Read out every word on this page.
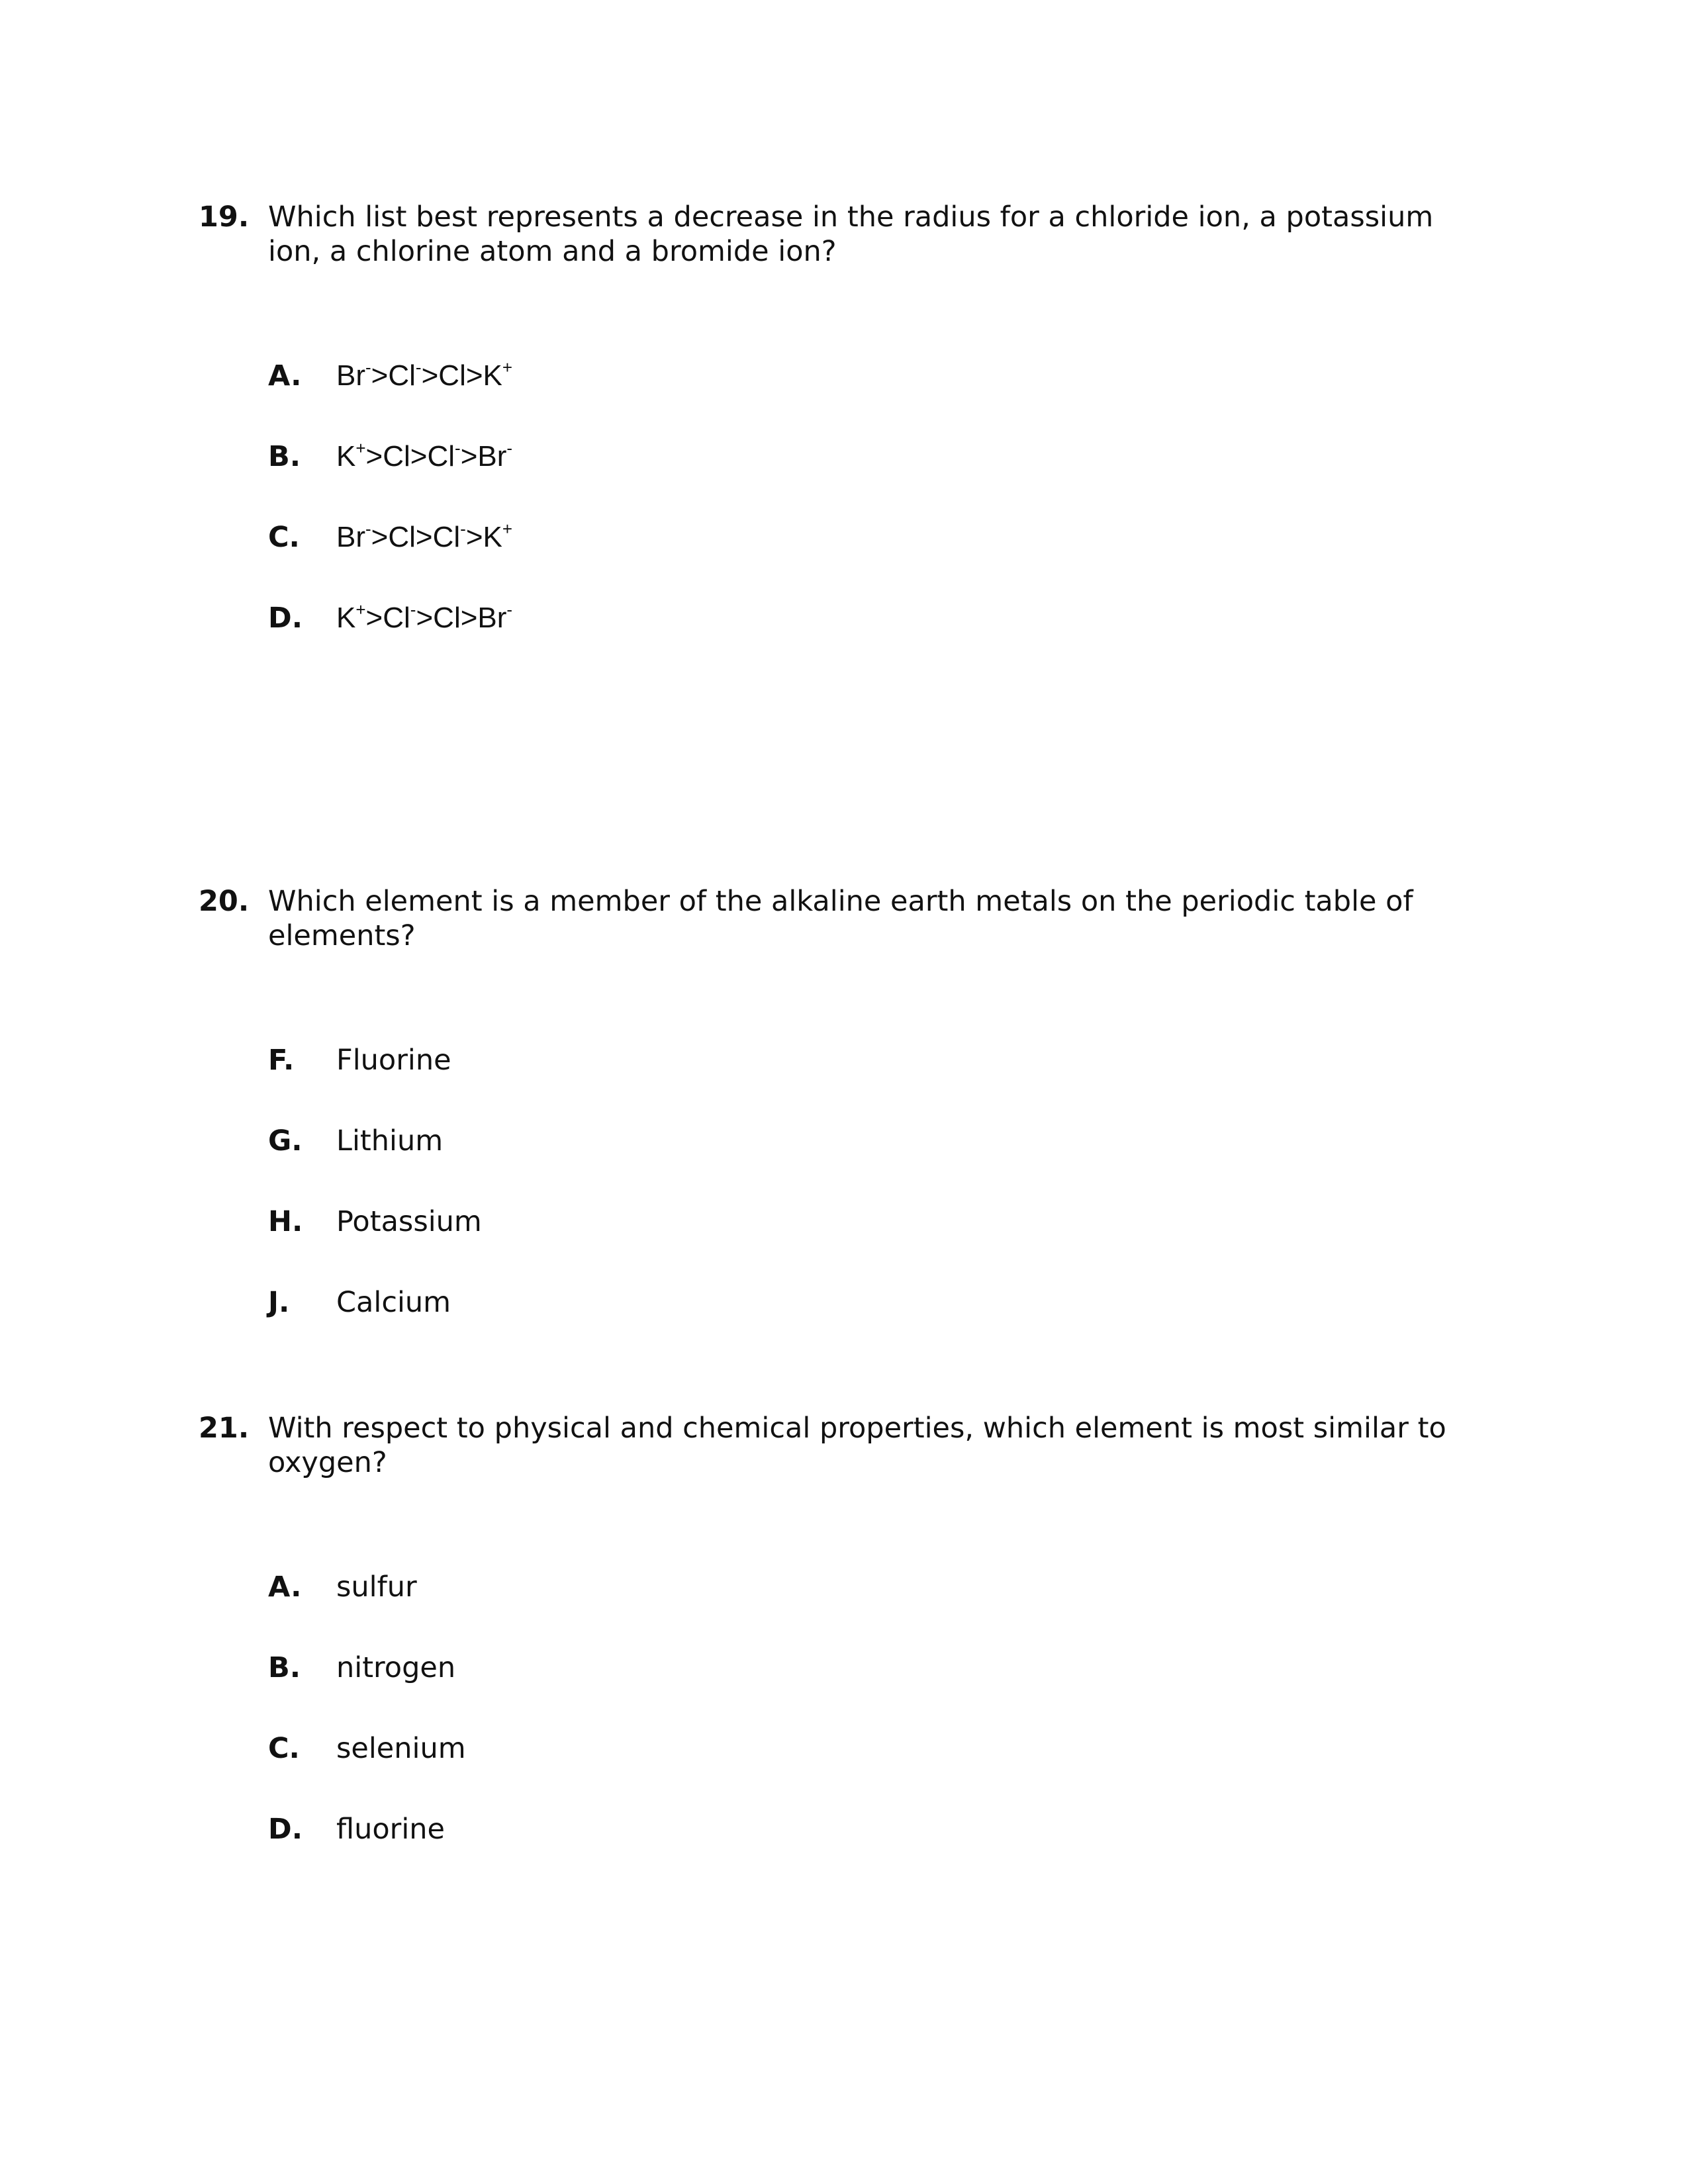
19. Which list best represents a decrease in the radius for a chloride ion, a potassium ion, a chlorine atom and a bromide ion?
A. Br->Cl->Cl>K+
B. K+>Cl>Cl->Br-
C. Br->Cl>Cl->K+
D. K+>Cl->Cl>Br-
20. Which element is a member of the alkaline earth metals on the periodic table of elements?
F. Fluorine
G. Lithium
H. Potassium
J. Calcium
21. With respect to physical and chemical properties, which element is most similar to oxygen?
A. sulfur
B. nitrogen
C. selenium
D. fluorine
